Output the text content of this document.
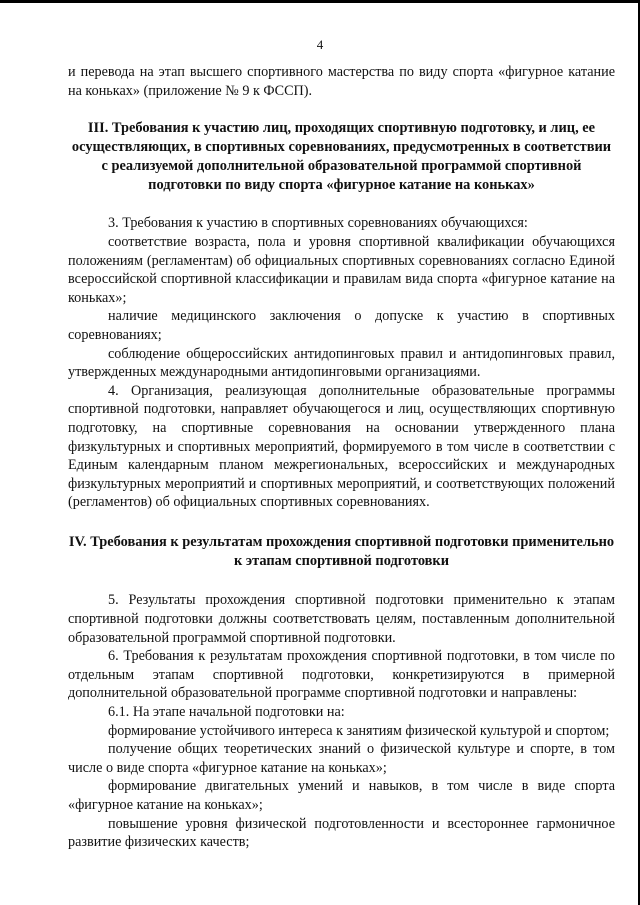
4

и перевода на этап высшего спортивного мастерства по виду спорта «фигурное катание на коньках» (приложение № 9 к ФССП).

III. Требования к участию лиц, проходящих спортивную подготовку, и лиц, ее осуществляющих, в спортивных соревнованиях, предусмотренных в соответствии с реализуемой дополнительной образовательной программой спортивной подготовки по виду спорта «фигурное катание на коньках»

3. Требования к участию в спортивных соревнованиях обучающихся:

соответствие возраста, пола и уровня спортивной квалификации обучающихся положениям (регламентам) об официальных спортивных соревнованиях согласно Единой всероссийской спортивной классификации и правилам вида спорта «фигурное катание на коньках»;

наличие медицинского заключения о допуске к участию в спортивных соревнованиях;

соблюдение общероссийских антидопинговых правил и антидопинговых правил, утвержденных международными антидопинговыми организациями.

4. Организация, реализующая дополнительные образовательные программы спортивной подготовки, направляет обучающегося и лиц, осуществляющих спортивную подготовку, на спортивные соревнования на основании утвержденного плана физкультурных и спортивных мероприятий, формируемого в том числе в соответствии с Единым календарным планом межрегиональных, всероссийских и международных физкультурных мероприятий и спортивных мероприятий, и соответствующих положений (регламентов) об официальных спортивных соревнованиях.

IV. Требования к результатам прохождения спортивной подготовки применительно к этапам спортивной подготовки

5. Результаты прохождения спортивной подготовки применительно к этапам спортивной подготовки должны соответствовать целям, поставленным дополнительной образовательной программой спортивной подготовки.

6. Требования к результатам прохождения спортивной подготовки, в том числе по отдельным этапам спортивной подготовки, конкретизируются в примерной дополнительной образовательной программе спортивной подготовки и направлены:

6.1. На этапе начальной подготовки на:

формирование устойчивого интереса к занятиям физической культурой и спортом;

получение общих теоретических знаний о физической культуре и спорте, в том числе о виде спорта «фигурное катание на коньках»;

формирование двигательных умений и навыков, в том числе в виде спорта «фигурное катание на коньках»;

повышение уровня физической подготовленности и всестороннее гармоничное развитие физических качеств;
